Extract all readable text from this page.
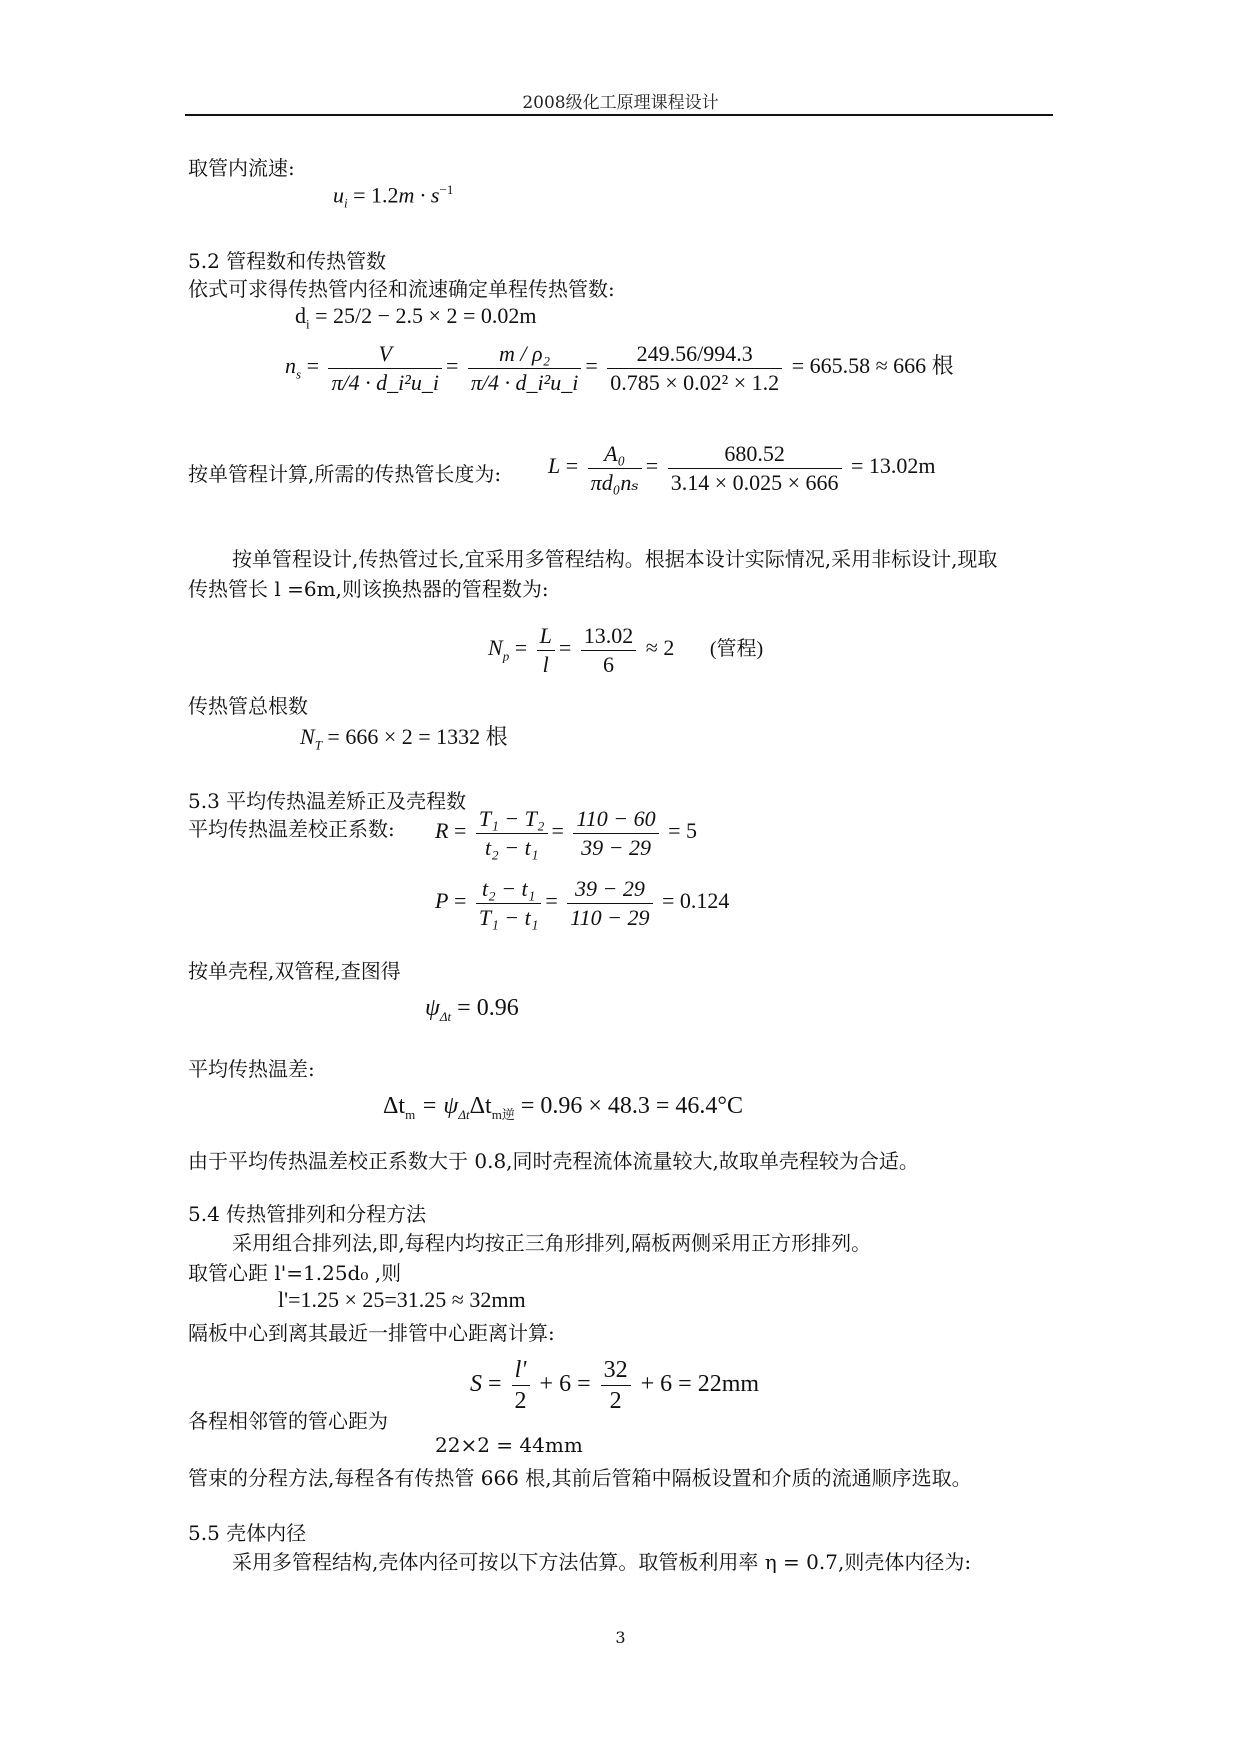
2008级化工原理课程设计
取管内流速:
$u_i = 1.2m \cdot s^{-1}$
5.2 管程数和传热管数
依式可求得传热管内径和流速确定单程传热管数:
$d_i = 25/2 - 2.5 \times 2 = 0.02m$
$n_s = \frac{V}{\text{π/4 · d\_i²u\_i}} = \frac{\text{m / ρ₂}}{\text{π/4 · d\_i²u\_i}} = \frac{249.56/994.3}{\text{0.785 × 0.02² × 1.2}} = 665.58 \approx 666$ 根
按单管程计算,所需的传热管长度为: $L = \frac{\text{A₀}}{\text{πd₀nₛ}} = \frac{680.52}{3.14 \times 0.025 \times 666} = 13.02m$
按单管程设计,传热管过长,宜采用多管程结构。根据本设计实际情况,采用非标设计,现取
传热管长 l =6m,则该换热器的管程数为:
$N_p = \frac{L}{l} = \frac{13.02}{6} \approx 2$ (管程)
传热管总根数
$N_T = 666 \times 2 = 1332$ 根
5.3 平均传热温差矫正及壳程数
平均传热温差校正系数: $R = \frac{\text{T₁ − T₂}}{\text{t₂ − t₁}} = \frac{110 - 60}{39 - 29} = 5$
$P = \frac{\text{t₂ − t₁}}{\text{T₁ − t₁}} = \frac{39 - 29}{110 - 29} = 0.124$
按单壳程,双管程,查图得
$\psi_{\Delta t} = 0.96$
平均传热温差:
$\Delta t_m = \psi_{\Delta t}\Delta t_{m逆} = 0.96 \times 48.3 = 46.4^\circ C$
由于平均传热温差校正系数大于 0.8,同时壳程流体流量较大,故取单壳程较为合适。
5.4 传热管排列和分程方法
采用组合排列法,即,每程内均按正三角形排列,隔板两侧采用正方形排列。
取管心距 l'=1.25d₀ ,则
l'=1.25 × 25=31.25 ≈ 32mm
隔板中心到离其最近一排管中心距离计算:
$S = \frac{l'}{2} + 6 = \frac{32}{2} + 6 = 22mm$
各程相邻管的管心距为
22×2 = 44mm
管束的分程方法,每程各有传热管 666 根,其前后管箱中隔板设置和介质的流通顺序选取。
5.5 壳体内径
采用多管程结构,壳体内径可按以下方法估算。取管板利用率 η = 0.7,则壳体内径为:
3
